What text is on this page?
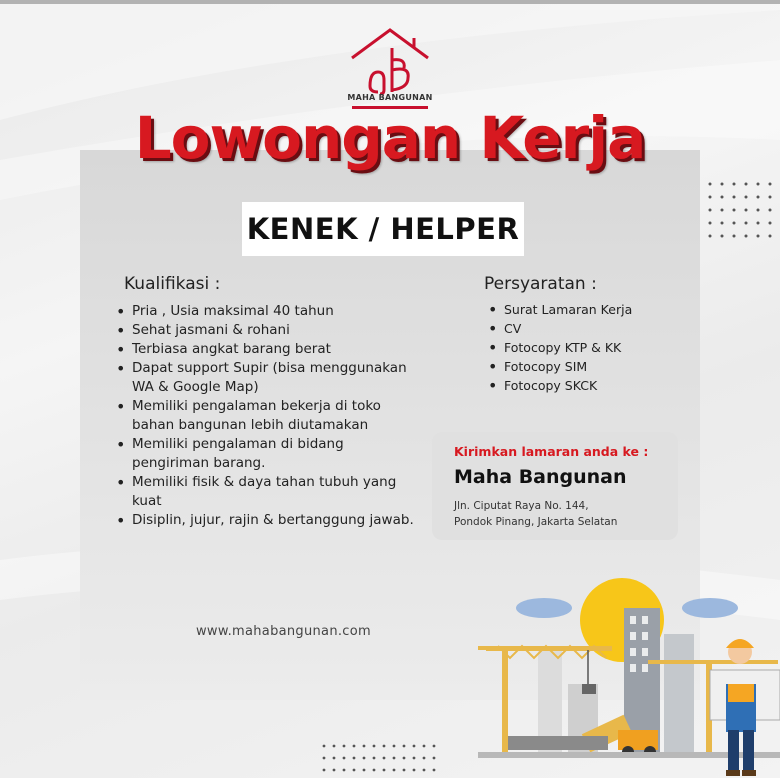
MAHA BANGUNAN
Lowongan Kerja
KENEK / HELPER
Kualifikasi :
• Pria , Usia maksimal 40 tahun
• Sehat jasmani & rohani
• Terbiasa angkat barang berat
• Dapat support Supir (bisa menggunakan WA & Google Map)
• Memiliki pengalaman bekerja di toko bahan bangunan lebih diutamakan
• Memiliki pengalaman di bidang pengiriman barang.
• Memiliki fisik & daya tahan tubuh yang kuat
• Disiplin, jujur, rajin & bertanggung jawab.
Persyaratan :
• Surat Lamaran Kerja
• CV
• Fotocopy KTP & KK
• Fotocopy SIM
• Fotocopy SKCK
Kirimkan lamaran anda ke :
Maha Bangunan
Jln. Ciputat Raya No. 144,
Pondok Pinang, Jakarta Selatan
www.mahabangunan.com
